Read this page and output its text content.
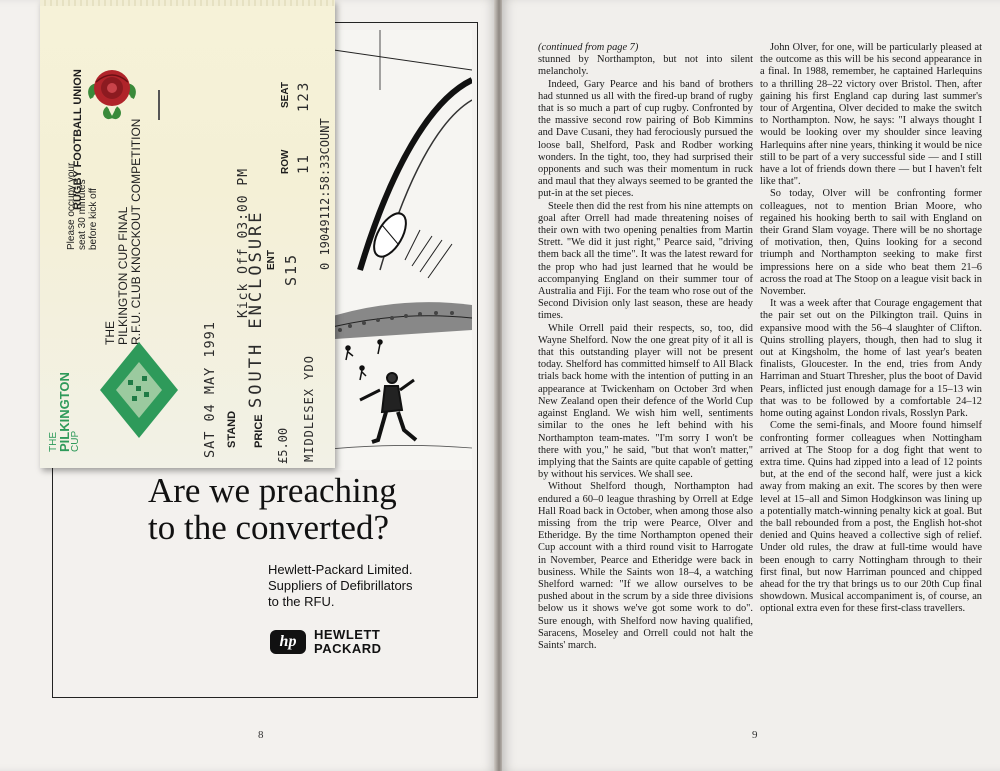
Are we preaching
to the converted?
Hewlett-Packard Limited.
Suppliers of Defibrillators
to the RFU.
hp	HEWLETT
PACKARD
8
RUGBY FOOTBALL UNION
Please occupy your seat 30 minutes before kick off
THE PILKINGTON CUP FINAL R.F.U. CLUB KNOCKOUT COMPETITION
THE
PILKINGTON
CUP	SAT 04 MAY 1991
Kick Off 03:00 PM
STAND
SOUTH ENCLOSURE
PRICE £5.00
ENT S15
ROW 11
SEAT 123
MIDDLESEX YDO
0 19049112:58:33COUNT

(continued from page 7)

stunned by Northampton, but not into silent melancholy.

Indeed, Gary Pearce and his band of brothers had stunned us all with the fired-up brand of rugby that is so much a part of cup rugby. Confronted by the massive second row pairing of Bob Kimmins and Dave Cusani, they had ferociously pursued the loose ball, Shelford, Pask and Rodber working wonders. In the tight, too, they had surprised their opponents and such was their momentum in ruck and maul that they always seemed to be granted the put-in at the set pieces.

Steele then did the rest from his nine attempts on goal after Orrell had made threatening noises of their own with two opening penalties from Martin Strett. "We did it just right," Pearce said, "driving them back all the time". It was the latest reward for the prop who had just learned that he would be accompanying England on their summer tour of Australia and Fiji. For the team who rose out of the Second Division only last season, these are heady times.

While Orrell paid their respects, so, too, did Wayne Shelford. Now the one great pity of it all is that this outstanding player will not be present today. Shelford has committed himself to All Black trials back home with the intention of putting in an appearance at Twickenham on October 3rd when New Zealand open their defence of the World Cup against England. We wish him well, sentiments similar to the ones he left behind with his Northampton team-mates. "I'm sorry I won't be there with you," he said, "but that won't matter," implying that the Saints are quite capable of getting by without his services. We shall see.

Without Shelford though, Northampton had endured a 60–0 league thrashing by Orrell at Edge Hall Road back in October, when among those also missing from the trip were Pearce, Olver and Etheridge. By the time Northampton opened their Cup account with a third round visit to Harrogate in November, Pearce and Etheridge were back in business. While the Saints won 18–4, a watching Shelford warned: "If we allow ourselves to be pushed about in the scrum by a side three divisions below us it shows we've got some work to do". Sure enough, with Shelford now having qualified, Saracens, Moseley and Orrell could not halt the Saints' march.

John Olver, for one, will be particularly pleased at the outcome as this will be his second appearance in a final. In 1988, remember, he captained Harlequins to a thrilling 28–22 victory over Bristol. Then, after gaining his first England cap during last summer's tour of Argentina, Olver decided to make the switch to Northampton. Now, he says: "I always thought I would be looking over my shoulder since leaving Harlequins after nine years, thinking it would be nice still to be part of a very successful side — and I still have a lot of friends down there — but I haven't felt like that".

So today, Olver will be confronting former colleagues, not to mention Brian Moore, who regained his hooking berth to sail with England on their Grand Slam voyage. There will be no shortage of motivation, then, Quins looking for a second triumph and Northampton seeking to make first impressions here on a side who beat them 21–6 across the road at The Stoop on a league visit back in November.

It was a week after that Courage engagement that the pair set out on the Pilkington trail. Quins in expansive mood with the 56–4 slaughter of Clifton. Quins strolling players, though, then had to slug it out at Kingsholm, the home of last year's beaten finalists, Gloucester. In the end, tries from Andy Harriman and Stuart Thresher, plus the boot of David Pears, inflicted just enough damage for a 15–13 win that was to be followed by a comfortable 24–12 home outing against London rivals, Rosslyn Park.

Come the semi-finals, and Moore found himself confronting former colleagues when Nottingham arrived at The Stoop for a dog fight that went to extra time. Quins had zipped into a lead of 12 points but, at the end of the second half, were just a kick away from making an exit. The scores by then were level at 15–all and Simon Hodgkinson was lining up a potentially match-winning penalty kick at goal. But the ball rebounded from a post, the English hot-shot denied and Quins heaved a collective sigh of relief. Under old rules, the draw at full-time would have been enough to carry Nottingham through to their first final, but now Harriman pounced and chipped ahead for the try that brings us to our 20th Cup final showdown. Musical accompaniment is, of course, an optional extra even for these first-class travellers.

9
